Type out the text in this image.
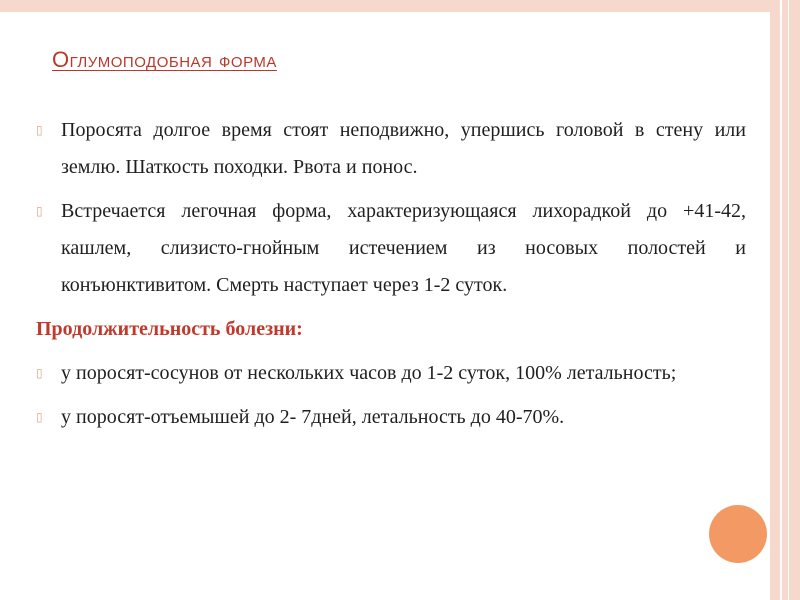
Оглумоподобная форма

▯ Поросята долгое время стоят неподвижно, упершись головой в стену или землю. Шаткость походки. Рвота и понос.

▯ Встречается легочная форма, характеризующаяся лихорадкой до +41-42, кашлем, слизисто-гнойным истечением из носовых полостей и конъюнктивитом. Смерть наступает через 1-2 суток.

Продолжительность болезни:

▯ у поросят-сосунов от нескольких часов до 1-2 суток, 100% летальность;

▯ у поросят-отъемышей до 2- 7дней, летальность до 40-70%.
